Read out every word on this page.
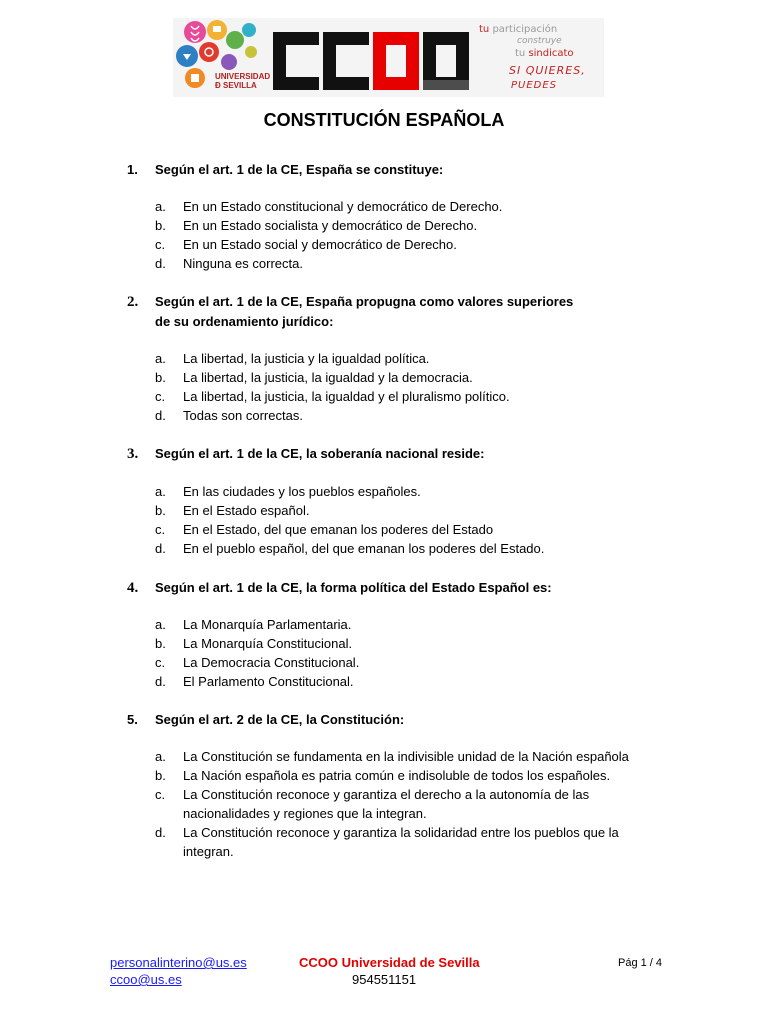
UNIVERSIDAD
Ð SEVILLA
tu participación
construye
tu sindicato
SI QUIERES,
PUEDES
CONSTITUCIÓN ESPAÑOLA
1. Según el art. 1 de la CE, España se constituye:
a. En un Estado constitucional y democrático de Derecho.
b. En un Estado socialista y democrático de Derecho.
c. En un Estado social y democrático de Derecho.
d. Ninguna es correcta.
2. Según el art. 1 de la CE, España propugna como valores superiores de su ordenamiento jurídico:
a. La libertad, la justicia y la igualdad política.
b. La libertad, la justicia, la igualdad y la democracia.
c. La libertad, la justicia, la igualdad y el pluralismo político.
d. Todas son correctas.
3. Según el art. 1 de la CE, la soberanía nacional reside:
a. En las ciudades y los pueblos españoles.
b. En el Estado español.
c. En el Estado, del que emanan los poderes del Estado
d. En el pueblo español, del que emanan los poderes del Estado.
4. Según el art. 1 de la CE, la forma política del Estado Español es:
a. La Monarquía Parlamentaria.
b. La Monarquía Constitucional.
c. La Democracia Constitucional.
d. El Parlamento Constitucional.
5. Según el art. 2 de la CE, la Constitución:
a. La Constitución se fundamenta en la indivisible unidad de la Nación española
b. La Nación española es patria común e indisoluble de todos los españoles.
c. La Constitución reconoce y garantiza el derecho a la autonomía de las nacionalidades y regiones que la integran.
d. La Constitución reconoce y garantiza la solidaridad entre los pueblos que la integran.
personalinterino@us.es
ccoo@us.es
CCOO Universidad de Sevilla
954551151
Pág 1 / 4
